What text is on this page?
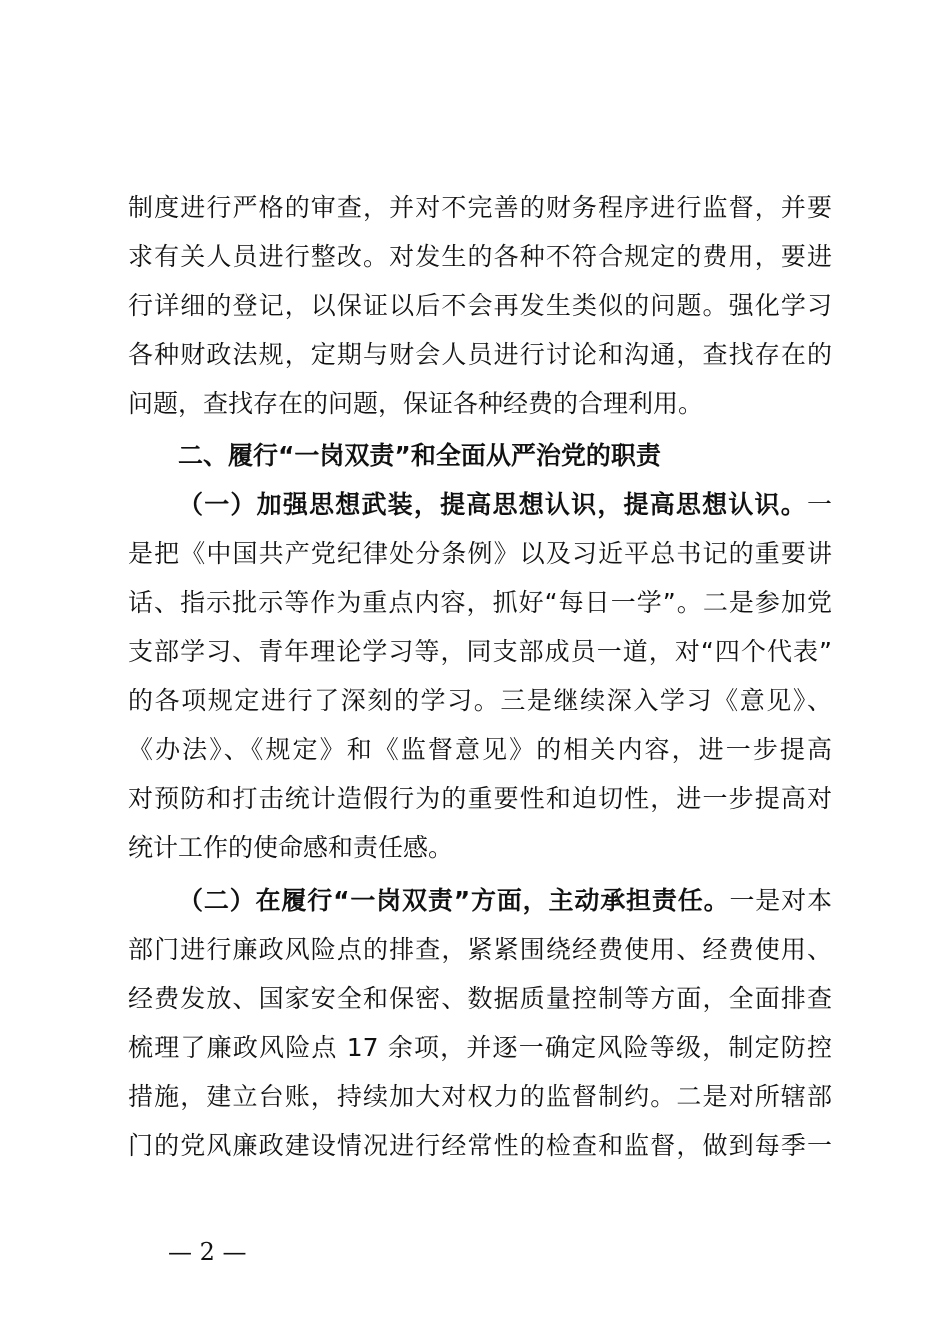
制度进行严格的审查，并对不完善的财务程序进行监督，并要
求有关人员进行整改。对发生的各种不符合规定的费用，要进
行详细的登记，以保证以后不会再发生类似的问题。强化学习
各种财政法规，定期与财会人员进行讨论和沟通，查找存在的
问题，查找存在的问题，保证各种经费的合理利用。
二、履行“一岗双责”和全面从严治党的职责
（一）加强思想武装，提高思想认识，提高思想认识。一
是把《中国共产党纪律处分条例》以及习近平总书记的重要讲
话、指示批示等作为重点内容，抓好“每日一学”。二是参加党
支部学习、青年理论学习等，同支部成员一道，对“四个代表”
的各项规定进行了深刻的学习。三是继续深入学习《意见》、
《办法》、《规定》和《监督意见》的相关内容，进一步提高
对预防和打击统计造假行为的重要性和迫切性，进一步提高对
统计工作的使命感和责任感。
（二）在履行“一岗双责”方面，主动承担责任。一是对本
部门进行廉政风险点的排查，紧紧围绕经费使用、经费使用、
经费发放、国家安全和保密、数据质量控制等方面，全面排查
梳理了廉政风险点 17 余项，并逐一确定风险等级，制定防控
措施，建立台账，持续加大对权力的监督制约。二是对所辖部
门的党风廉政建设情况进行经常性的检查和监督，做到每季一
— 2 —
